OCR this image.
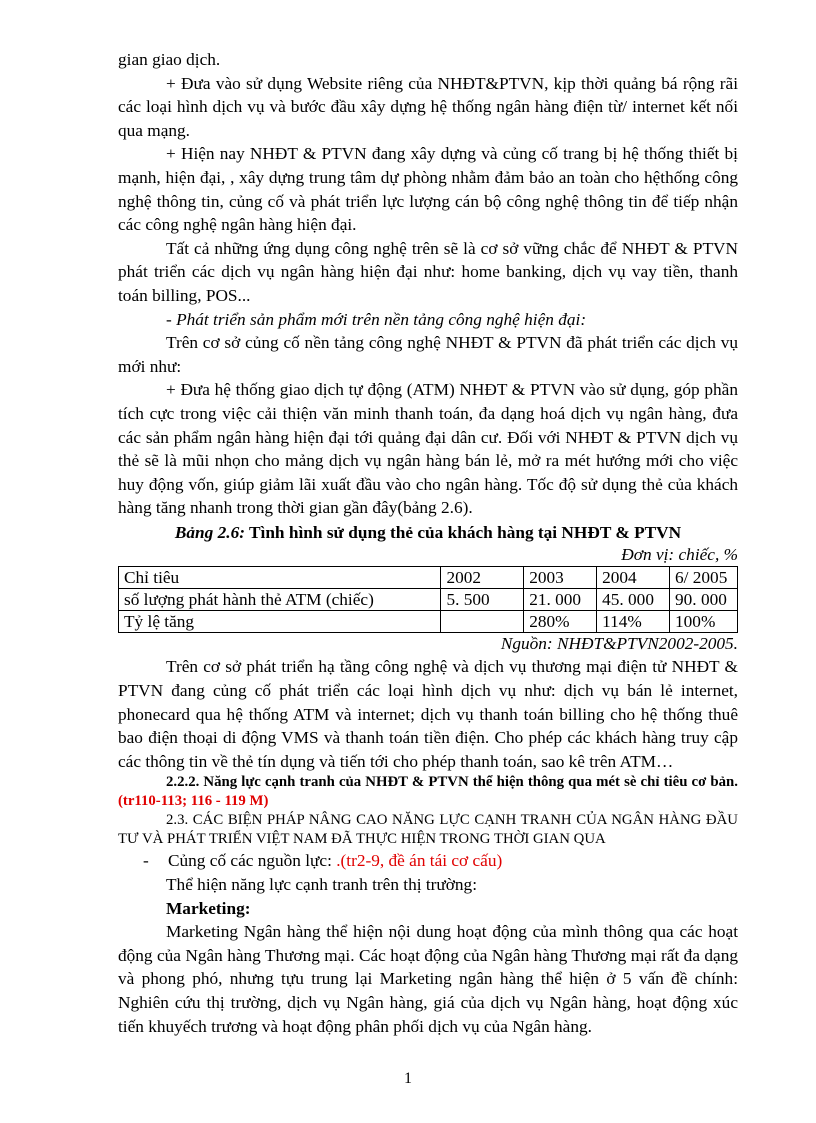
gian giao dịch.

+ Đưa vào sử dụng Website riêng của NHĐT&PTVN, kịp thời quảng bá rộng rãi các loại hình dịch vụ và bước đầu xây dựng hệ thống ngân hàng điện từ/ internet kết nối qua mạng.

+ Hiện nay NHĐT & PTVN đang xây dựng và củng cố trang bị hệ thống thiết bị mạnh, hiện đại, , xây dựng trung tâm dự phòng nhằm đảm bảo an toàn cho hệthống công nghệ thông tin, củng cố và phát triển lực lượng cán bộ công nghệ thông tin để tiếp nhận các công nghệ ngân hàng hiện đại.

Tất cả những ứng dụng công nghệ trên sẽ là cơ sở vững chắc để NHĐT & PTVN phát triển các dịch vụ ngân hàng hiện đại như: home banking, dịch vụ vay tiền, thanh toán billing, POS...

- Phát triển sản phẩm mới trên nền tảng công nghệ hiện đại:

Trên cơ sở củng cố nền tảng công nghệ NHĐT & PTVN đã phát triển các dịch vụ mới như:

+ Đưa hệ thống giao dịch tự động (ATM) NHĐT & PTVN vào sử dụng, góp phần tích cực trong việc cải thiện văn minh thanh toán, đa dạng hoá dịch vụ ngân hàng, đưa các sản phẩm ngân hàng hiện đại tới quảng đại dân cư. Đối với NHĐT & PTVN dịch vụ thẻ sẽ là mũi nhọn cho mảng dịch vụ ngân hàng bán lẻ, mở ra mét hướng mới cho việc huy động vốn, giúp giảm lãi xuất đầu vào cho ngân hàng. Tốc độ sử dụng thẻ của khách hàng tăng nhanh trong thời gian gần đây(bảng 2.6).

Bảng 2.6: Tình hình sử dụng thẻ của khách hàng tại NHĐT & PTVN

Đơn vị: chiếc, %

Chỉ tiêu	2002	2003	2004	6/ 2005
số lượng phát hành thẻ ATM (chiếc)	5. 500	21. 000	45. 000	90. 000
Tỷ lệ tăng		280%	114%	100%

Nguồn: NHĐT&PTVN2002-2005.

Trên cơ sở phát triển hạ tầng công nghệ và dịch vụ thương mại điện tử NHĐT & PTVN đang củng cố phát triển các loại hình dịch vụ như: dịch vụ bán lẻ internet, phonecard qua hệ thống ATM và internet; dịch vụ thanh toán billing cho hệ thống thuê bao điện thoại di động VMS và thanh toán tiền điện. Cho phép các khách hàng truy cập các thông tin về thẻ tín dụng và tiến tới cho phép thanh toán, sao kê trên ATM…

2.2.2. Năng lực cạnh tranh của NHĐT & PTVN thể hiện thông qua mét sè chỉ tiêu cơ bản. (tr110-113; 116 - 119 M)

2.3. CÁC BIỆN PHÁP NÂNG CAO NĂNG LỰC CẠNH TRANH CỦA NGÂN HÀNG ĐẦU TƯ VÀ PHÁT TRIỂN VIỆT NAM ĐÃ THỰC HIỆN TRONG THỜI GIAN QUA

- Củng cố các nguồn lực: .(tr2-9, đề án tái cơ cấu)

Thể hiện năng lực cạnh tranh trên thị trường:

Marketing:

Marketing Ngân hàng thể hiện nội dung hoạt động của mình thông qua các hoạt động của Ngân hàng Thương mại. Các hoạt động của Ngân hàng Thương mại rất đa dạng và phong phó, nhưng tựu trung lại Marketing ngân hàng thể hiện ở 5 vấn đề chính: Nghiên cứu thị trường, dịch vụ Ngân hàng, giá của dịch vụ Ngân hàng, hoạt động xúc tiến khuyếch trương và hoạt động phân phối dịch vụ của Ngân hàng.

1
